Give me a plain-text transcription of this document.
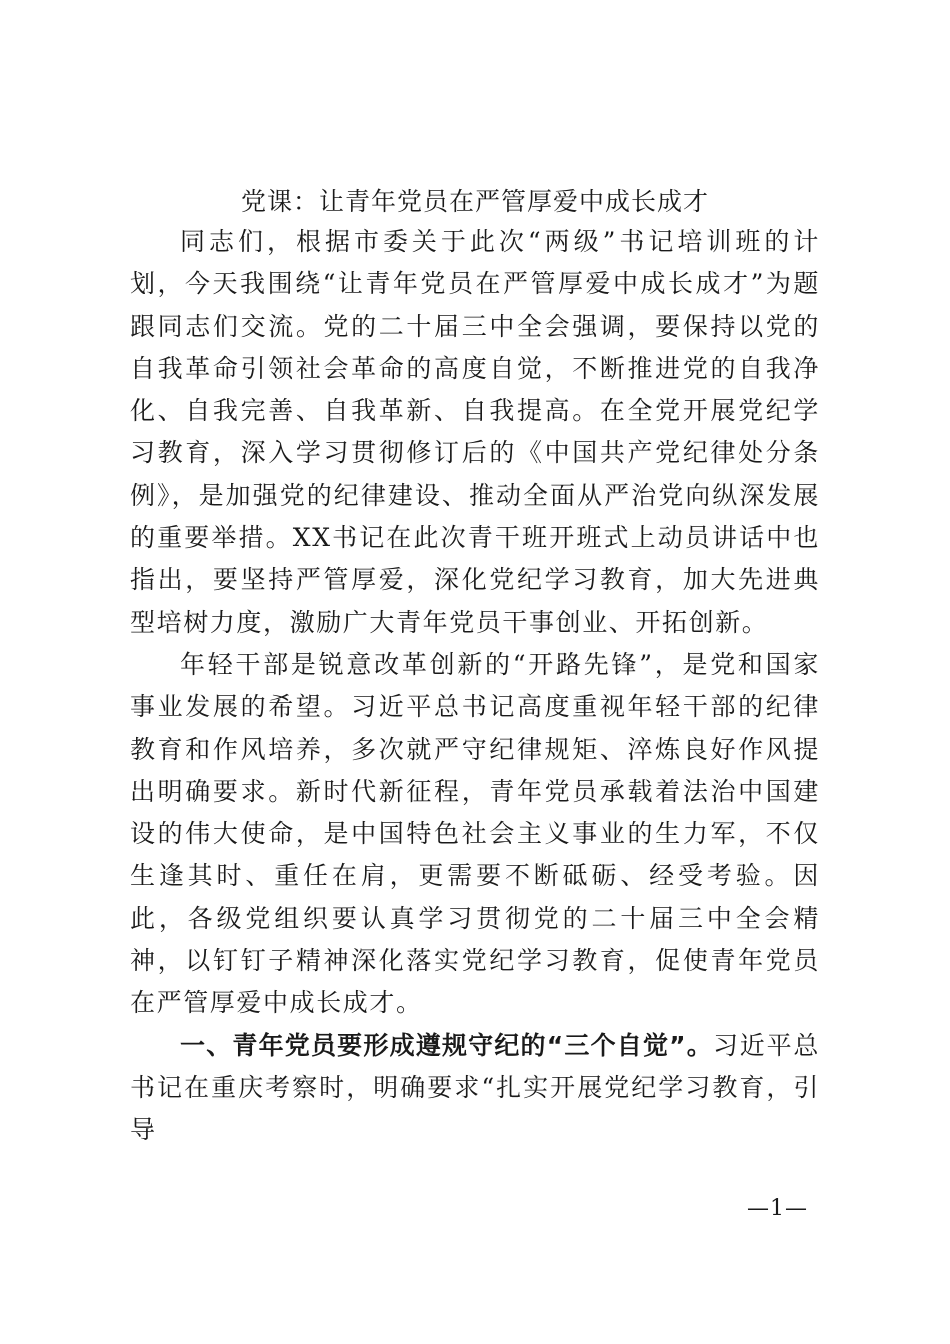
党课：让青年党员在严管厚爱中成长成才

同志们，根据市委关于此次“两级”书记培训班的计划，今天我围绕“让青年党员在严管厚爱中成长成才”为题跟同志们交流。党的二十届三中全会强调，要保持以党的自我革命引领社会革命的高度自觉，不断推进党的自我净化、自我完善、自我革新、自我提高。在全党开展党纪学习教育，深入学习贯彻修订后的《中国共产党纪律处分条例》，是加强党的纪律建设、推动全面从严治党向纵深发展的重要举措。XX书记在此次青干班开班式上动员讲话中也指出，要坚持严管厚爱，深化党纪学习教育，加大先进典型培树力度，激励广大青年党员干事创业、开拓创新。

年轻干部是锐意改革创新的“开路先锋”，是党和国家事业发展的希望。习近平总书记高度重视年轻干部的纪律教育和作风培养，多次就严守纪律规矩、淬炼良好作风提出明确要求。新时代新征程，青年党员承载着法治中国建设的伟大使命，是中国特色社会主义事业的生力军，不仅生逢其时、重任在肩，更需要不断砥砺、经受考验。因此，各级党组织要认真学习贯彻党的二十届三中全会精神，以钉钉子精神深化落实党纪学习教育，促使青年党员在严管厚爱中成长成才。

一、青年党员要形成遵规守纪的“三个自觉”。习近平总书记在重庆考察时，明确要求“扎实开展党纪学习教育，引导

—1—
